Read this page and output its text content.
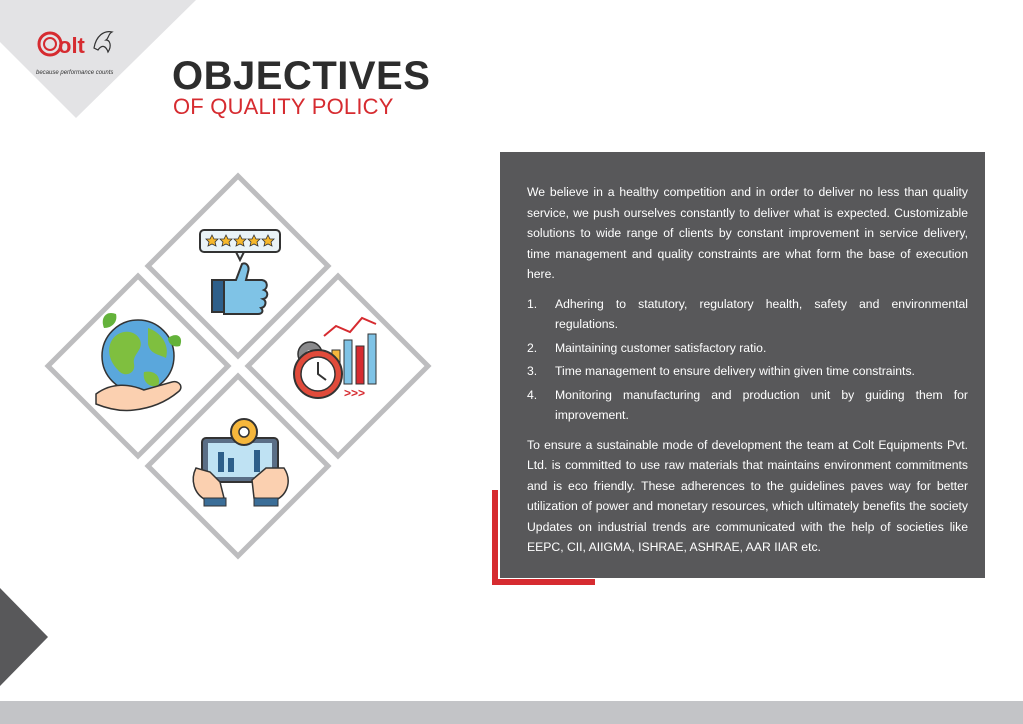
olt
because performance counts OBJECTIVES
OF QUALITY POLICY
>>>

We believe in a healthy competition and in order to deliver no less than quality service, we push ourselves constantly to deliver what is expected. Customizable solutions to wide range of clients by constant improvement in service delivery, time management and quality constraints are what form the base of execution here.

1.	Adhering to statutory, regulatory health, safety and environmental regulations.
2.	Maintaining customer satisfactory ratio.
3.	Time management to ensure delivery within given time constraints.
4.	Monitoring manufacturing and production unit by guiding them for improvement.

To ensure a sustainable mode of development the team at Colt Equipments Pvt. Ltd. is committed to use raw materials that maintains environment commitments and is eco friendly. These adherences to the guidelines paves way for better utilization of power and monetary resources, which ultimately benefits the society Updates on industrial trends are communicated with the help of societies like EEPC, CII, AIIGMA, ISHRAE, ASHRAE, AAR IIAR etc.
